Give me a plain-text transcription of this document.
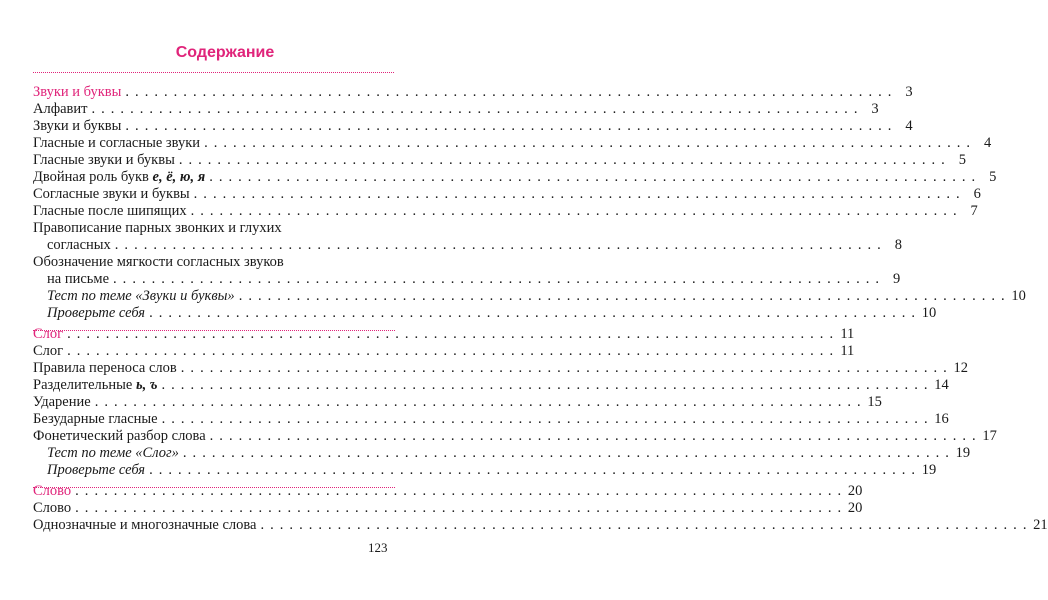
Содержание
Звуки и буквы . . . . . . . . . . . . . . . . . . . . . . . . . . . . . . . . . . . . . . . . . . . . . . . . . . . . . . . . . . . . . . . . . . . . . . . . . . . . . . . . 3
Алфавит . . . . . . . . . . . . . . . . . . . . . . . . . . . . . . . . . . . . . . . . . . . . . . . . . . . . . . . . . . . . . . . . . . . . . . . . . . . . . . . . 3
Звуки и буквы . . . . . . . . . . . . . . . . . . . . . . . . . . . . . . . . . . . . . . . . . . . . . . . . . . . . . . . . . . . . . . . . . . . . . . . . . . . . . . . . 4
Гласные и согласные звуки . . . . . . . . . . . . . . . . . . . . . . . . . . . . . . . . . . . . . . . . . . . . . . . . . . . . . . . . . . . . . . . . . . . . . . . . . . . . . . . . 4
Гласные звуки и буквы . . . . . . . . . . . . . . . . . . . . . . . . . . . . . . . . . . . . . . . . . . . . . . . . . . . . . . . . . . . . . . . . . . . . . . . . . . . . . . . . 5
Двойная роль букв е, ё, ю, я . . . . . . . . . . . . . . . . . . . . . . . . . . . . . . . . . . . . . . . . . . . . . . . . . . . . . . . . . . . . . . . . . . . . . . . . . . . . . . . . 5
Согласные звуки и буквы . . . . . . . . . . . . . . . . . . . . . . . . . . . . . . . . . . . . . . . . . . . . . . . . . . . . . . . . . . . . . . . . . . . . . . . . . . . . . . . . 6
Гласные после шипящих . . . . . . . . . . . . . . . . . . . . . . . . . . . . . . . . . . . . . . . . . . . . . . . . . . . . . . . . . . . . . . . . . . . . . . . . . . . . . . . . 7
Правописание парных звонких и глухих
согласных . . . . . . . . . . . . . . . . . . . . . . . . . . . . . . . . . . . . . . . . . . . . . . . . . . . . . . . . . . . . . . . . . . . . . . . . . . . . . . . . 8
Обозначение мягкости согласных звуков
на письме . . . . . . . . . . . . . . . . . . . . . . . . . . . . . . . . . . . . . . . . . . . . . . . . . . . . . . . . . . . . . . . . . . . . . . . . . . . . . . . . 9
Тест по теме «Звуки и буквы» . . . . . . . . . . . . . . . . . . . . . . . . . . . . . . . . . . . . . . . . . . . . . . . . . . . . . . . . . . . . . . . . . . . . . . . . . . . . . . . . 10
Проверьте себя . . . . . . . . . . . . . . . . . . . . . . . . . . . . . . . . . . . . . . . . . . . . . . . . . . . . . . . . . . . . . . . . . . . . . . . . . . . . . . . . 10
Слог . . . . . . . . . . . . . . . . . . . . . . . . . . . . . . . . . . . . . . . . . . . . . . . . . . . . . . . . . . . . . . . . . . . . . . . . . . . . . . . . 11
Слог . . . . . . . . . . . . . . . . . . . . . . . . . . . . . . . . . . . . . . . . . . . . . . . . . . . . . . . . . . . . . . . . . . . . . . . . . . . . . . . . 11
Правила переноса слов . . . . . . . . . . . . . . . . . . . . . . . . . . . . . . . . . . . . . . . . . . . . . . . . . . . . . . . . . . . . . . . . . . . . . . . . . . . . . . . . 12
Разделительные ь, ъ . . . . . . . . . . . . . . . . . . . . . . . . . . . . . . . . . . . . . . . . . . . . . . . . . . . . . . . . . . . . . . . . . . . . . . . . . . . . . . . . 14
Ударение . . . . . . . . . . . . . . . . . . . . . . . . . . . . . . . . . . . . . . . . . . . . . . . . . . . . . . . . . . . . . . . . . . . . . . . . . . . . . . . . 15
Безударные гласные . . . . . . . . . . . . . . . . . . . . . . . . . . . . . . . . . . . . . . . . . . . . . . . . . . . . . . . . . . . . . . . . . . . . . . . . . . . . . . . . 16
Фонетический разбор слова . . . . . . . . . . . . . . . . . . . . . . . . . . . . . . . . . . . . . . . . . . . . . . . . . . . . . . . . . . . . . . . . . . . . . . . . . . . . . . . . 17
Тест по теме «Слог» . . . . . . . . . . . . . . . . . . . . . . . . . . . . . . . . . . . . . . . . . . . . . . . . . . . . . . . . . . . . . . . . . . . . . . . . . . . . . . . . 19
Проверьте себя . . . . . . . . . . . . . . . . . . . . . . . . . . . . . . . . . . . . . . . . . . . . . . . . . . . . . . . . . . . . . . . . . . . . . . . . . . . . . . . . 19
Слово . . . . . . . . . . . . . . . . . . . . . . . . . . . . . . . . . . . . . . . . . . . . . . . . . . . . . . . . . . . . . . . . . . . . . . . . . . . . . . . . 20
Слово . . . . . . . . . . . . . . . . . . . . . . . . . . . . . . . . . . . . . . . . . . . . . . . . . . . . . . . . . . . . . . . . . . . . . . . . . . . . . . . . 20
Однозначные и многозначные слова . . . . . . . . . . . . . . . . . . . . . . . . . . . . . . . . . . . . . . . . . . . . . . . . . . . . . . . . . . . . . . . . . . . . . . . . . . . . . . . . 21
123
